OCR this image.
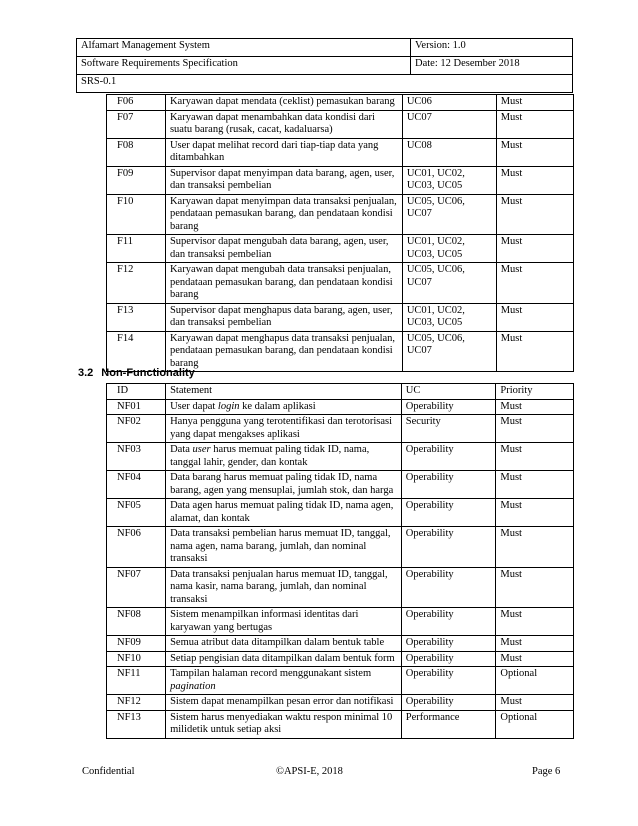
Alfamart Management System	Version: 1.0
Software Requirements Specification	Date: 12 Desember 2018
SRS-0.1	
F06	Karyawan dapat mendata (ceklist) pemasukan barang	UC06	Must
F07	Karyawan dapat menambahkan data kondisi dari suatu barang (rusak, cacat, kadaluarsa)	UC07	Must
F08	User dapat melihat record dari tiap-tiap data yang ditambahkan	UC08	Must
F09	Supervisor dapat menyimpan data barang, agen, user, dan transaksi pembelian	UC01, UC02, UC03, UC05	Must
F10	Karyawan dapat menyimpan data transaksi penjualan, pendataan pemasukan barang, dan pendataan kondisi barang	UC05, UC06, UC07	Must
F11	Supervisor dapat mengubah data barang, agen, user, dan transaksi pembelian	UC01, UC02, UC03, UC05	Must
F12	Karyawan dapat mengubah data transaksi penjualan, pendataan pemasukan barang, dan pendataan kondisi barang	UC05, UC06, UC07	Must
F13	Supervisor dapat menghapus data barang, agen, user, dan transaksi pembelian	UC01, UC02, UC03, UC05	Must
F14	Karyawan dapat menghapus data transaksi penjualan, pendataan pemasukan barang, dan pendataan kondisi barang	UC05, UC06, UC07	Must
3.2 Non-Functionality
ID	Statement	UC	Priority
NF01	User dapat login ke dalam aplikasi	Operability	Must
NF02	Hanya pengguna yang terotentifikasi dan terotorisasi yang dapat mengakses aplikasi	Security	Must
NF03	Data user harus memuat paling tidak ID, nama, tanggal lahir, gender, dan kontak	Operability	Must
NF04	Data barang harus memuat paling tidak ID, nama barang, agen yang mensuplai, jumlah stok, dan harga	Operability	Must
NF05	Data agen harus memuat paling tidak ID, nama agen, alamat, dan kontak	Operability	Must
NF06	Data transaksi pembelian harus memuat ID, tanggal, nama agen, nama barang, jumlah, dan nominal transaksi	Operability	Must
NF07	Data transaksi penjualan harus memuat ID, tanggal, nama kasir, nama barang, jumlah, dan nominal transaksi	Operability	Must
NF08	Sistem menampilkan informasi identitas dari karyawan yang bertugas	Operability	Must
NF09	Semua atribut data ditampilkan dalam bentuk table	Operability	Must
NF10	Setiap pengisian data ditampilkan dalam bentuk form	Operability	Must
NF11	Tampilan halaman record menggunakant sistem pagination	Operability	Optional
NF12	Sistem dapat menampilkan pesan error dan notifikasi	Operability	Must
NF13	Sistem harus menyediakan waktu respon minimal 10 milidetik untuk setiap aksi	Performance	Optional
Confidential	©APSI-E, 2018	Page 6
